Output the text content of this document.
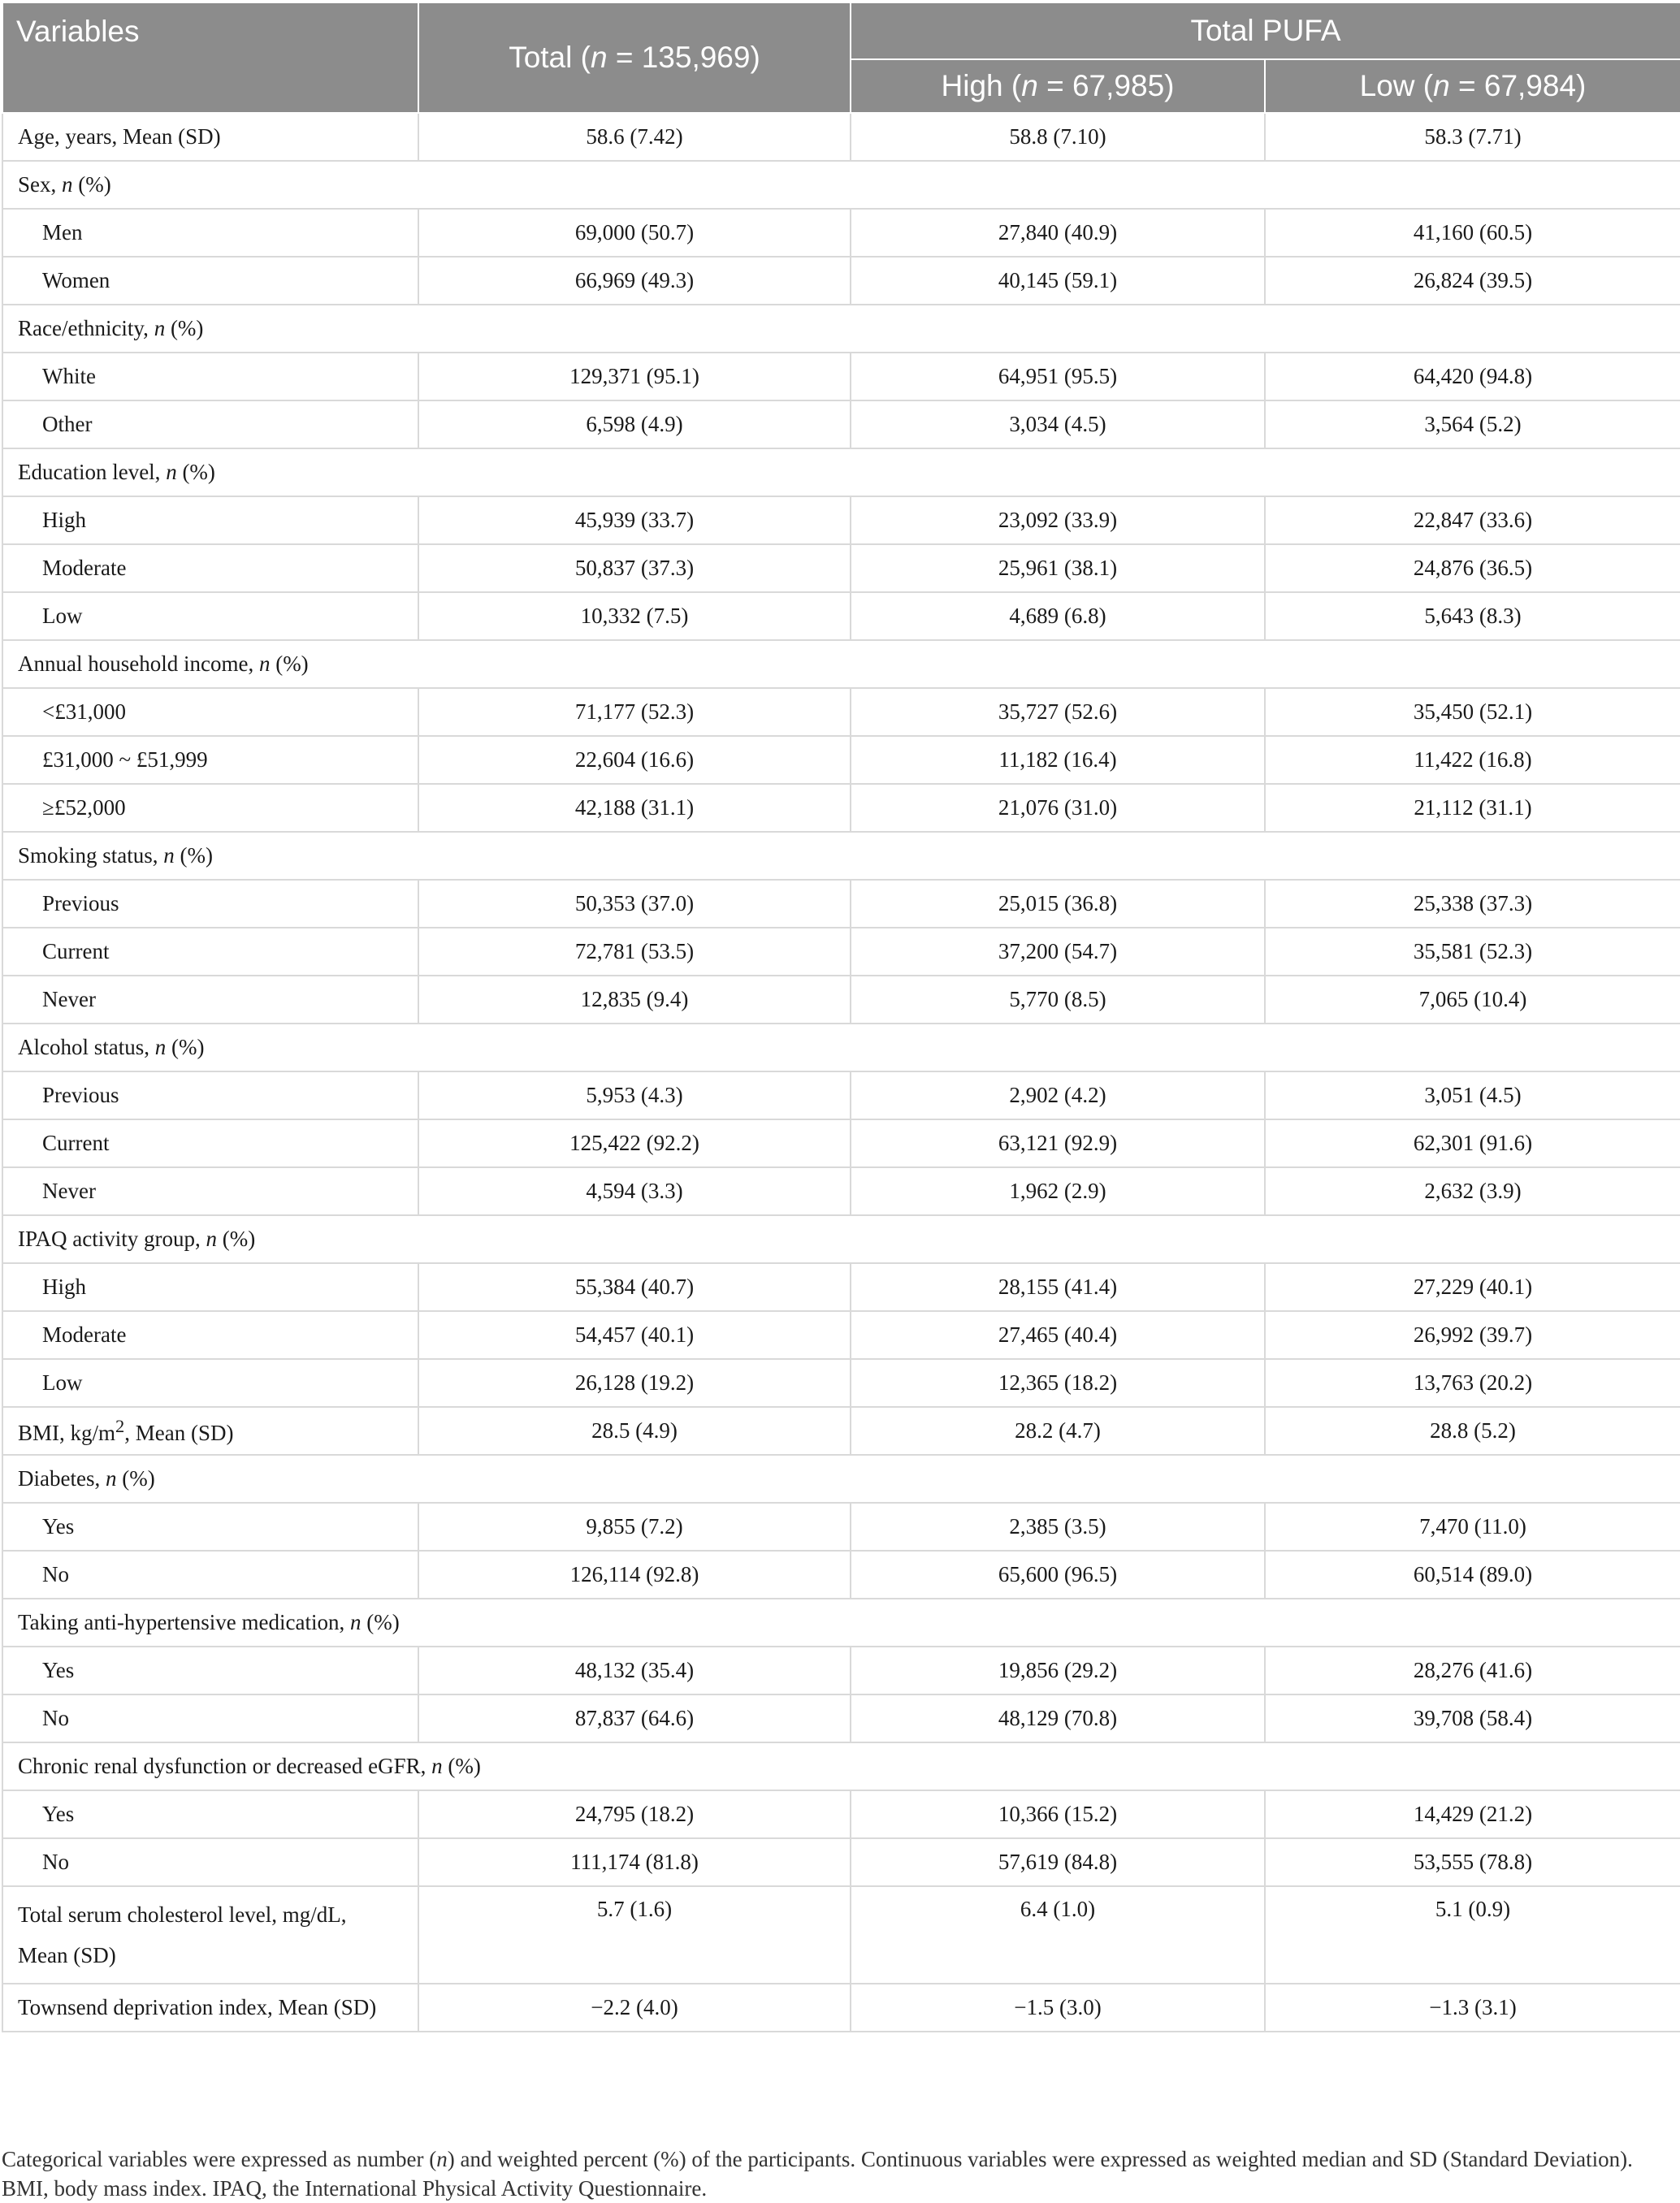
Variables	Total (n = 135,969)	Total PUFA	
		High (n = 67,985)	Low (n = 67,984)
Age, years, Mean (SD)	58.6 (7.42)	58.8 (7.10)	58.3 (7.71)
Sex, n (%)			
Men	69,000 (50.7)	27,840 (40.9)	41,160 (60.5)
Women	66,969 (49.3)	40,145 (59.1)	26,824 (39.5)
Race/ethnicity, n (%)			
White	129,371 (95.1)	64,951 (95.5)	64,420 (94.8)
Other	6,598 (4.9)	3,034 (4.5)	3,564 (5.2)
Education level, n (%)			
High	45,939 (33.7)	23,092 (33.9)	22,847 (33.6)
Moderate	50,837 (37.3)	25,961 (38.1)	24,876 (36.5)
Low	10,332 (7.5)	4,689 (6.8)	5,643 (8.3)
Annual household income, n (%)			
<£31,000	71,177 (52.3)	35,727 (52.6)	35,450 (52.1)
£31,000 ~ £51,999	22,604 (16.6)	11,182 (16.4)	11,422 (16.8)
≥£52,000	42,188 (31.1)	21,076 (31.0)	21,112 (31.1)
Smoking status, n (%)			
Previous	50,353 (37.0)	25,015 (36.8)	25,338 (37.3)
Current	72,781 (53.5)	37,200 (54.7)	35,581 (52.3)
Never	12,835 (9.4)	5,770 (8.5)	7,065 (10.4)
Alcohol status, n (%)			
Previous	5,953 (4.3)	2,902 (4.2)	3,051 (4.5)
Current	125,422 (92.2)	63,121 (92.9)	62,301 (91.6)
Never	4,594 (3.3)	1,962 (2.9)	2,632 (3.9)
IPAQ activity group, n (%)			
High	55,384 (40.7)	28,155 (41.4)	27,229 (40.1)
Moderate	54,457 (40.1)	27,465 (40.4)	26,992 (39.7)
Low	26,128 (19.2)	12,365 (18.2)	13,763 (20.2)
BMI, $kg/m^2$, Mean (SD)	28.5 (4.9)	28.2 (4.7)	28.8 (5.2)
Diabetes, n (%)			
Yes	9,855 (7.2)	2,385 (3.5)	7,470 (11.0)
No	126,114 (92.8)	65,600 (96.5)	60,514 (89.0)
Taking anti-hypertensive medication, n (%)			
Yes	48,132 (35.4)	19,856 (29.2)	28,276 (41.6)
No	87,837 (64.6)	48,129 (70.8)	39,708 (58.4)
Chronic renal dysfunction or decreased eGFR, n (%)			
Yes	24,795 (18.2)	10,366 (15.2)	14,429 (21.2)
No	111,174 (81.8)	57,619 (84.8)	53,555 (78.8)
Total serum cholesterol level, mg/dL,
Mean (SD)	5.7 (1.6)	6.4 (1.0)	5.1 (0.9)
Townsend deprivation index, Mean (SD)	−2.2 (4.0)	−1.5 (3.0)	−1.3 (3.1)
Categorical variables were expressed as number (n) and weighted percent (%) of the participants. Continuous variables were expressed as weighted median and SD (Standard Deviation). BMI, body mass index. IPAQ, the International Physical Activity Questionnaire.
